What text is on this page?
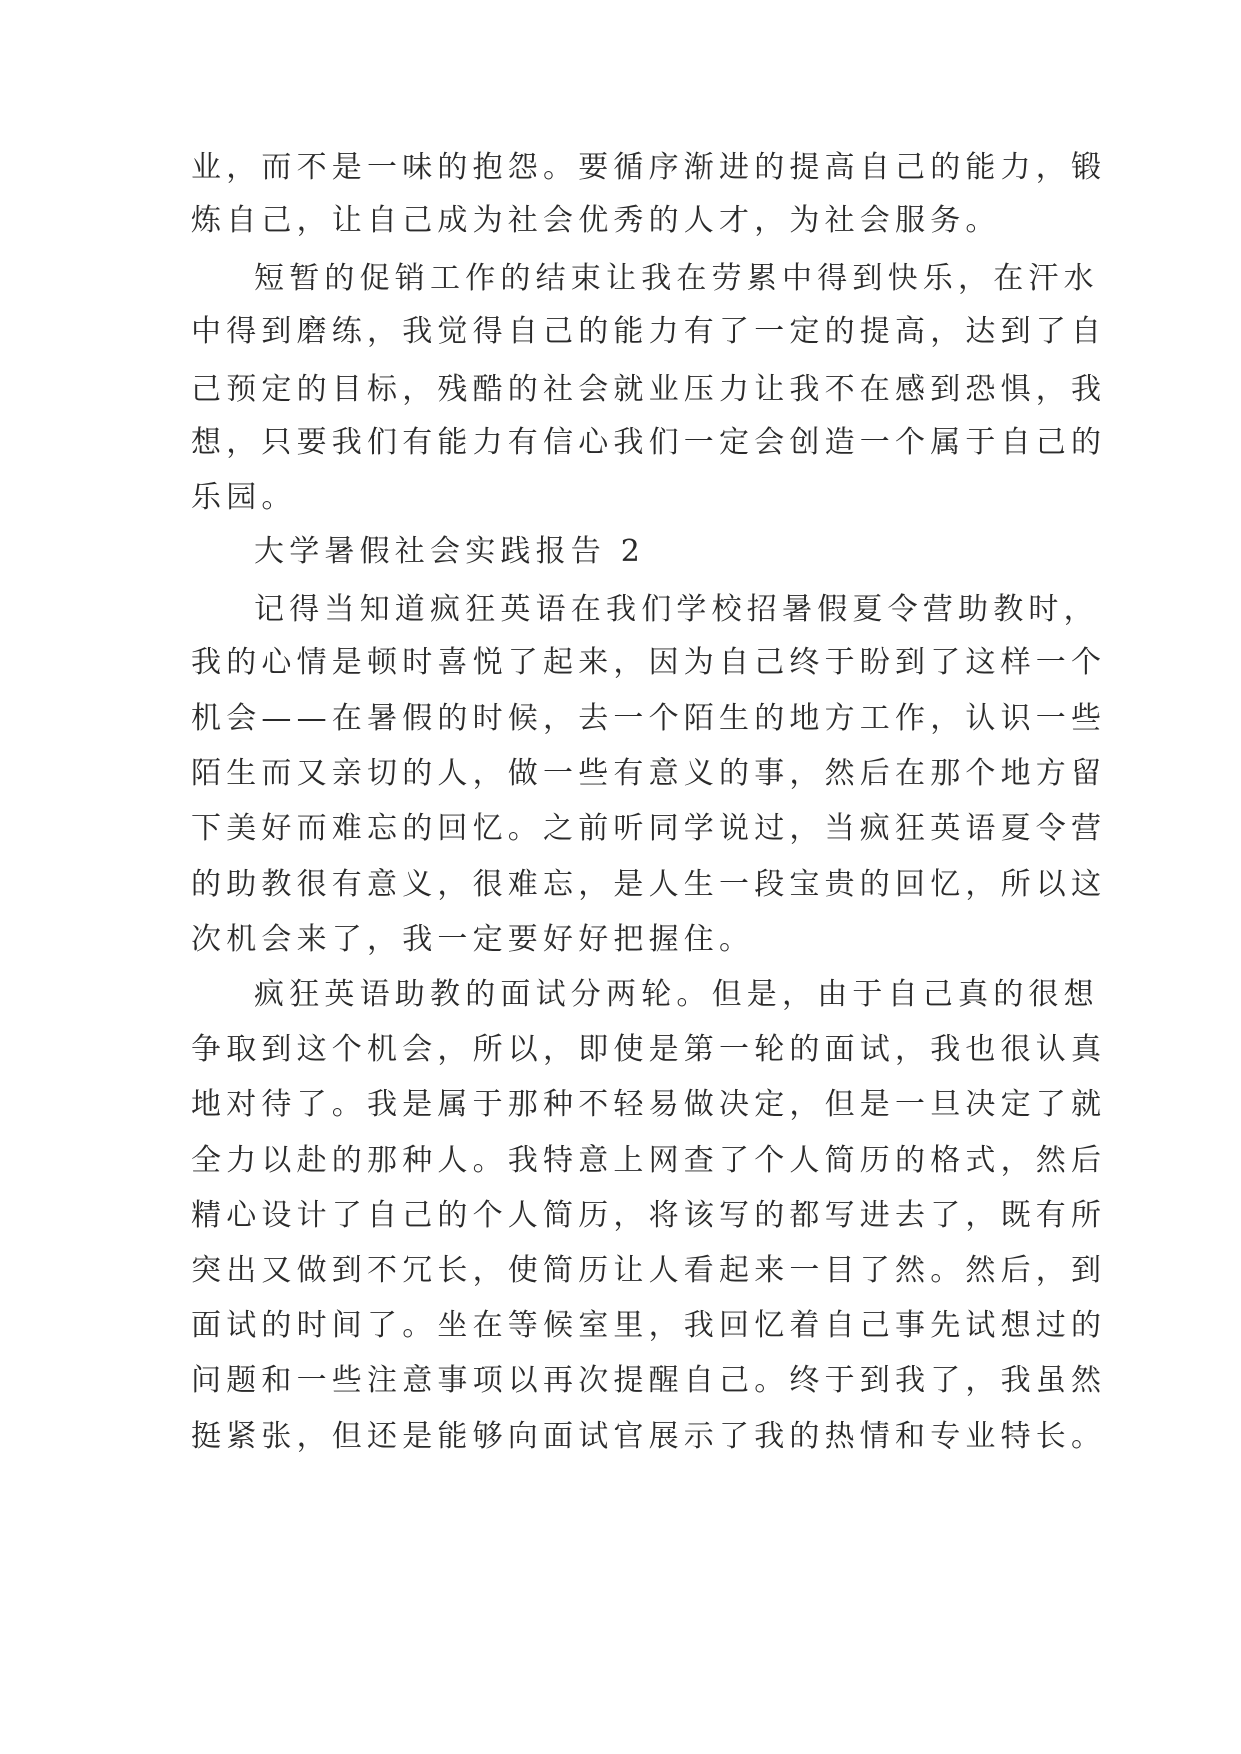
业，而不是一味的抱怨。要循序渐进的提高自己的能力，锻
炼自己，让自己成为社会优秀的人才，为社会服务。
短暂的促销工作的结束让我在劳累中得到快乐，在汗水
中得到磨练，我觉得自己的能力有了一定的提高，达到了自
己预定的目标，残酷的社会就业压力让我不在感到恐惧，我
想，只要我们有能力有信心我们一定会创造一个属于自己的
乐园。
大学暑假社会实践报告 2
记得当知道疯狂英语在我们学校招暑假夏令营助教时，
我的心情是顿时喜悦了起来，因为自己终于盼到了这样一个
机会——在暑假的时候，去一个陌生的地方工作，认识一些
陌生而又亲切的人，做一些有意义的事，然后在那个地方留
下美好而难忘的回忆。之前听同学说过，当疯狂英语夏令营
的助教很有意义，很难忘，是人生一段宝贵的回忆，所以这
次机会来了，我一定要好好把握住。
疯狂英语助教的面试分两轮。但是，由于自己真的很想
争取到这个机会，所以，即使是第一轮的面试，我也很认真
地对待了。我是属于那种不轻易做决定，但是一旦决定了就
全力以赴的那种人。我特意上网查了个人简历的格式，然后
精心设计了自己的个人简历，将该写的都写进去了，既有所
突出又做到不冗长，使简历让人看起来一目了然。然后，到
面试的时间了。坐在等候室里，我回忆着自己事先试想过的
问题和一些注意事项以再次提醒自己。终于到我了，我虽然
挺紧张，但还是能够向面试官展示了我的热情和专业特长。
